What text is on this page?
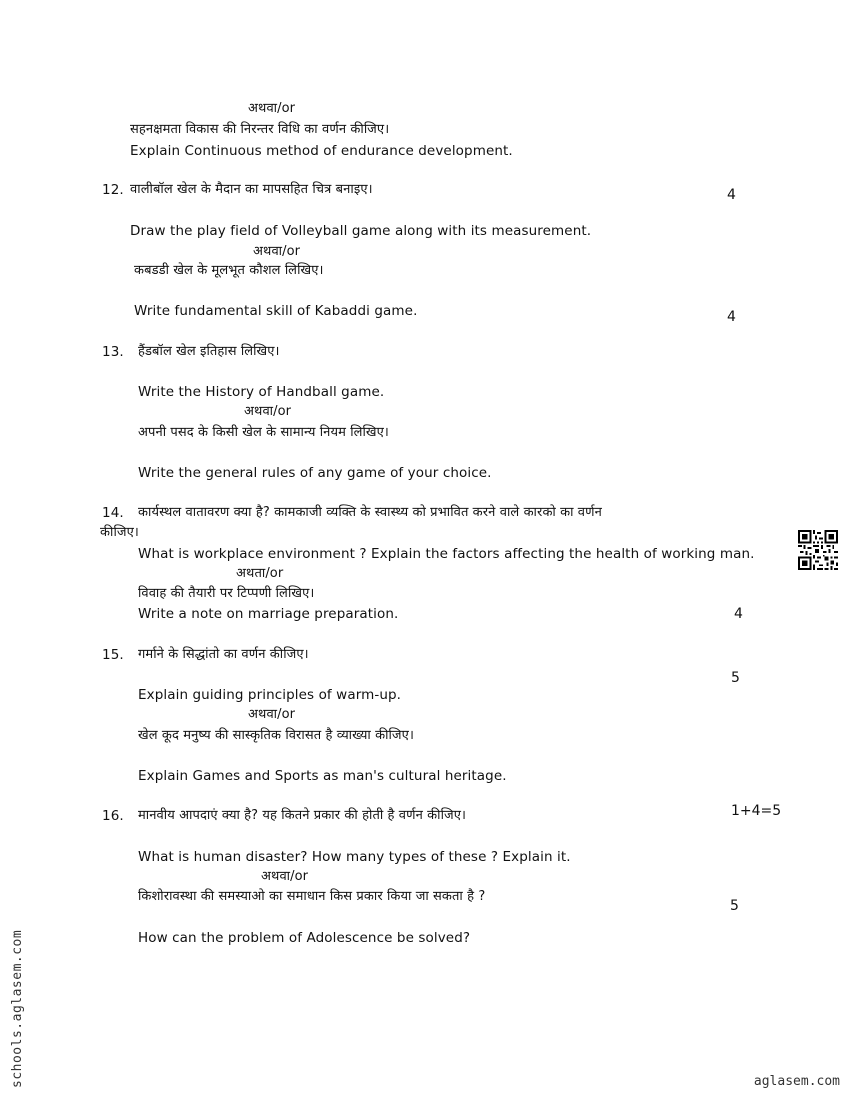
अथवा/or
सहनक्षमता विकास की निरन्तर विधि का वर्णन कीजिए।
Explain Continuous method of endurance development.
12. वालीबॉल खेल के मैदान का मापसहित चित्र बनाइए।	4
Draw the play field of Volleyball game along with its measurement.
अथवा/or
कबडडी खेल के मूलभूत कौशल लिखिए।
Write fundamental skill of Kabaddi game.	4
13. हैंडबॉल खेल इतिहास लिखिए।
Write the History of Handball game.
अथवा/or
अपनी पसद के किसी खेल के सामान्य नियम लिखिए।
Write the general rules of any game of your choice.
14. कार्यस्थल वातावरण क्या है? कामकाजी व्यक्ति के स्वास्थ्य को प्रभावित करने वाले कारको का वर्णन
कीजिए।
What is workplace environment ? Explain the factors affecting the health of working man.
अथता/or
विवाह की तैयारी पर टिप्पणी लिखिए।
Write a note on marriage preparation.	4
15. गर्माने के सिद्धांतो का वर्णन कीजिए।
5
Explain guiding principles of warm-up.
अथवा/or
खेल कूद मनुष्य की सास्कृतिक विरासत है व्याख्या कीजिए।
Explain Games and Sports as man's cultural heritage.
16. मानवीय आपदाएं क्या है? यह कितने प्रकार की होती है वर्णन कीजिए।	1+4=5
What is human disaster? How many types of these ? Explain it.
अथवा/or
किशोरावस्था की समस्याओ का समाधान किस प्रकार किया जा सकता है ?
5
How can the problem of Adolescence be solved?
schools.aglasem.com	aglasem.com
